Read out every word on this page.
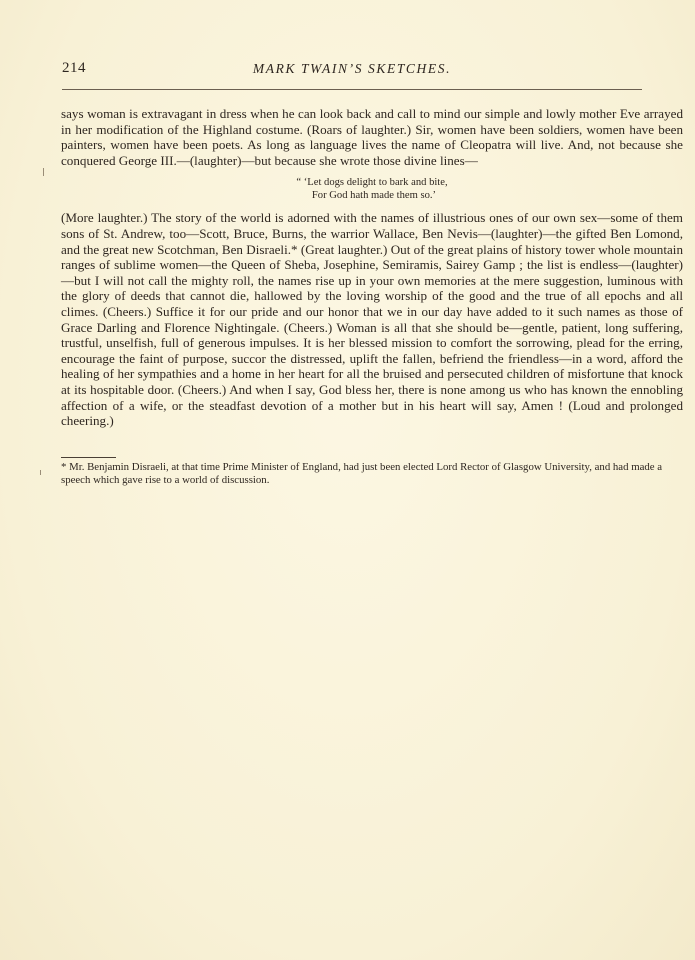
214	MARK TWAIN’S SKETCHES.

says woman is extravagant in dress when he can look back and call to mind our simple and lowly mother Eve arrayed in her modification of the Highland costume. (Roars of laughter.) Sir, women have been soldiers, women have been painters, women have been poets. As long as language lives the name of Cleopatra will live. And, not because she conquered George III.—(laughter)—but because she wrote those divine lines—

“ ‘Let dogs delight to bark and bite,
For God hath made them so.’

(More laughter.) The story of the world is adorned with the names of illustrious ones of our own sex—some of them sons of St. Andrew, too—Scott, Bruce, Burns, the warrior Wallace, Ben Nevis—(laughter)—the gifted Ben Lomond, and the great new Scotchman, Ben Disraeli.* (Great laughter.) Out of the great plains of history tower whole mountain ranges of sublime women—the Queen of Sheba, Josephine, Semiramis, Sairey Gamp ; the list is endless—(laughter)—but I will not call the mighty roll, the names rise up in your own memories at the mere suggestion, luminous with the glory of deeds that cannot die, hallowed by the loving worship of the good and the true of all epochs and all climes. (Cheers.) Suffice it for our pride and our honor that we in our day have added to it such names as those of Grace Darling and Florence Nightingale. (Cheers.) Woman is all that she should be—gentle, patient, long suffering, trustful, unselfish, full of generous impulses. It is her blessed mission to comfort the sorrowing, plead for the erring, encourage the faint of purpose, succor the distressed, uplift the fallen, befriend the friendless—in a word, afford the healing of her sympathies and a home in her heart for all the bruised and persecuted children of misfortune that knock at its hospitable door. (Cheers.) And when I say, God bless her, there is none among us who has known the ennobling affection of a wife, or the steadfast devotion of a mother but in his heart will say, Amen ! (Loud and prolonged cheering.)

* Mr. Benjamin Disraeli, at that time Prime Minister of England, had just been elected Lord Rector of Glasgow University, and had made a speech which gave rise to a world of discussion.
